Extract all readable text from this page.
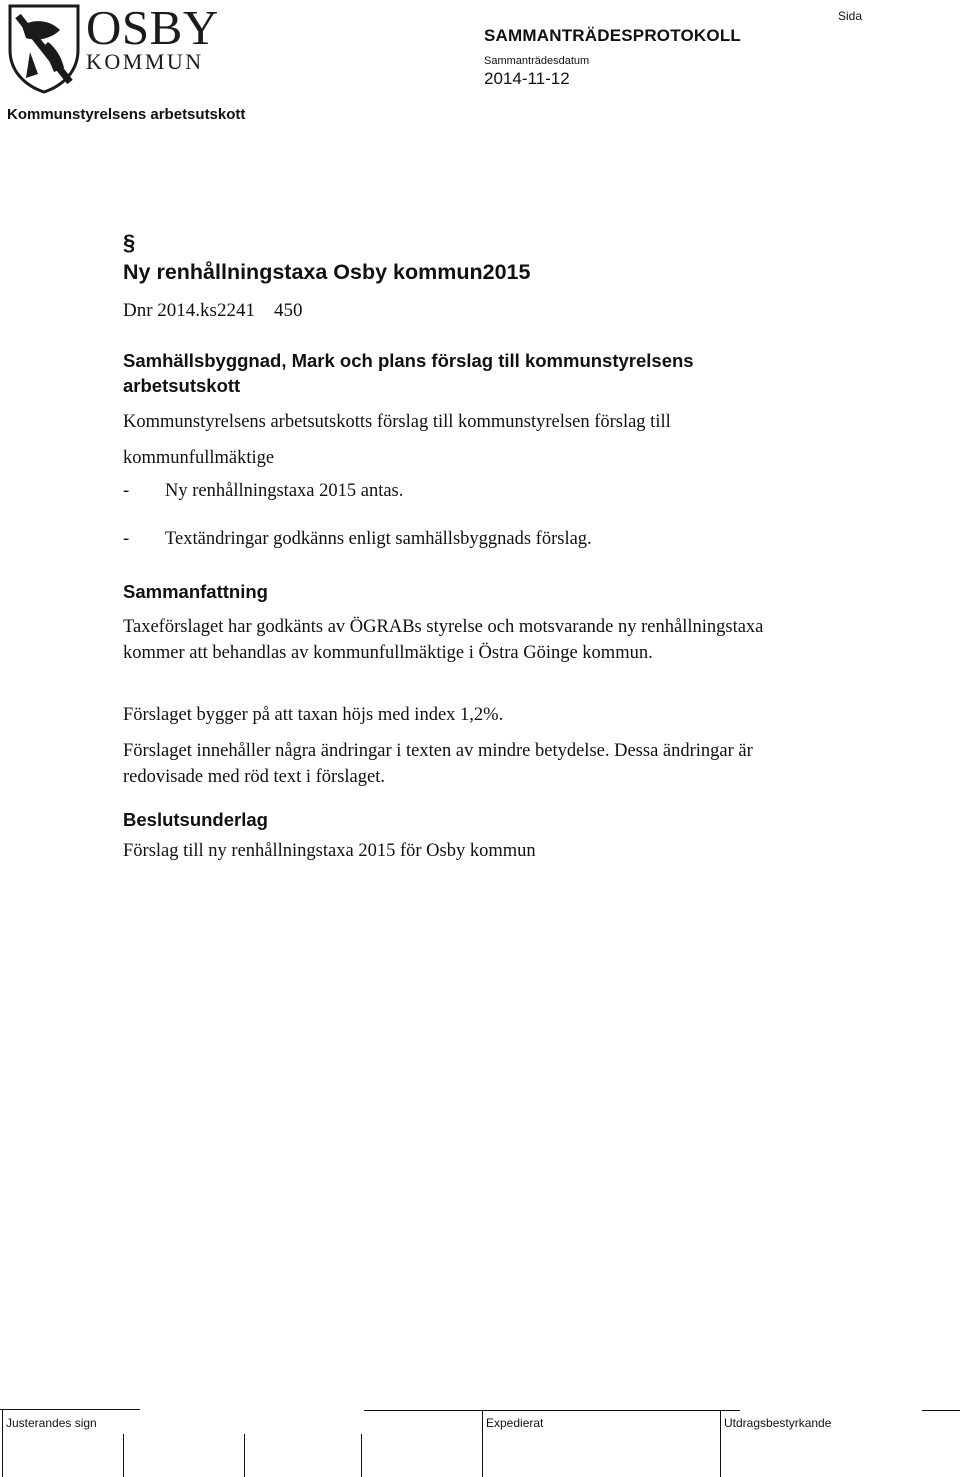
OSBY
KOMMUN
SAMMANTRÄDESPROTOKOLL
Sammanträdesdatum
2014-11-12
Sida
Kommunstyrelsens arbetsutskott
§
Ny renhållningstaxa Osby kommun2015
Dnr 2014.ks2241    450
Samhällsbyggnad, Mark och plans förslag till kommunstyrelsens arbetsutskott
Kommunstyrelsens arbetsutskotts förslag till kommunstyrelsen förslag till kommunfullmäktige
- Ny renhållningstaxa 2015 antas.
- Textändringar godkänns enligt samhällsbyggnads förslag.
Sammanfattning
Taxeförslaget har godkänts av ÖGRABs styrelse och motsvarande ny renhållningstaxa kommer att behandlas av kommunfullmäktige i Östra Göinge kommun.
Förslaget bygger på att taxan höjs med index 1,2%.
Förslaget innehåller några ändringar i texten av mindre betydelse. Dessa ändringar är redovisade med röd text i förslaget.
Beslutsunderlag
Förslag till ny renhållningstaxa 2015 för Osby kommun
Justerandes sign	Expedierat	Utdragsbestyrkande
